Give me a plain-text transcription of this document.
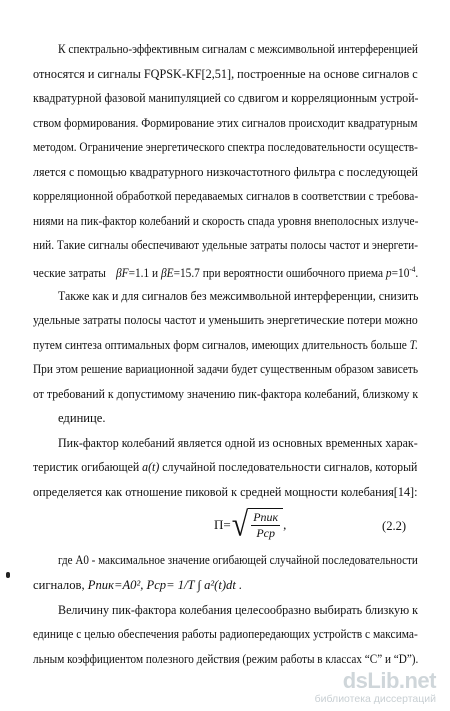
К спектрально-эффективным сигналам с межсимвольной интерференцией
относятся и сигналы FQPSK-KF[2,51], построенные на основе сигналов с
квадратурной фазовой манипуляцией со сдвигом и корреляционным устрой-
ством формирования. Формирование этих сигналов происходит квадратурным
методом. Ограничение энергетического спектра последовательности осуществ-
ляется с помощью квадратурного низкочастотного фильтра с последующей
корреляционной обработкой передаваемых сигналов в соответствии с требова-
ниями на пик-фактор колебаний и скорость спада уровня внеполосных излуче-
ний. Такие сигналы обеспечивают удельные затраты полосы частот и энергети-
ческие затраты βF=1.1 и βE=15.7 при вероятности ошибочного приема $p=10^{-4}$.
Также как и для сигналов без межсимвольной интерференции, снизить
удельные затраты полосы частот и уменьшить энергетические потери можно
путем синтеза оптимальных форм сигналов, имеющих длительность больше T.
При этом решение вариационной задачи будет существенным образом зависеть
от требований к допустимому значению пик-фактора колебаний, близкому к
единице.
Пик-фактор колебаний является одной из основных временных харак-
теристик огибающей a(t) случайной последовательности сигналов, который
определяется как отношение пиковой к средней мощности колебания[14]:
П= √ $\frac{\text{Pпик}}{\text{Pср}}$ ,	(2.2)
где A0 - максимальное значение огибающей случайной последовательности
сигналов, Pпик=A0², Pср= 1/T ∫ a²(t)dt .
Величину пик-фактора колебания целесообразно выбирать близкую к
единице с целью обеспечения работы радиопередающих устройств с максима-
льным коэффициентом полезного действия (режим работы в классах “C” и “D”).
dsLib.net
библиотека диссертаций
